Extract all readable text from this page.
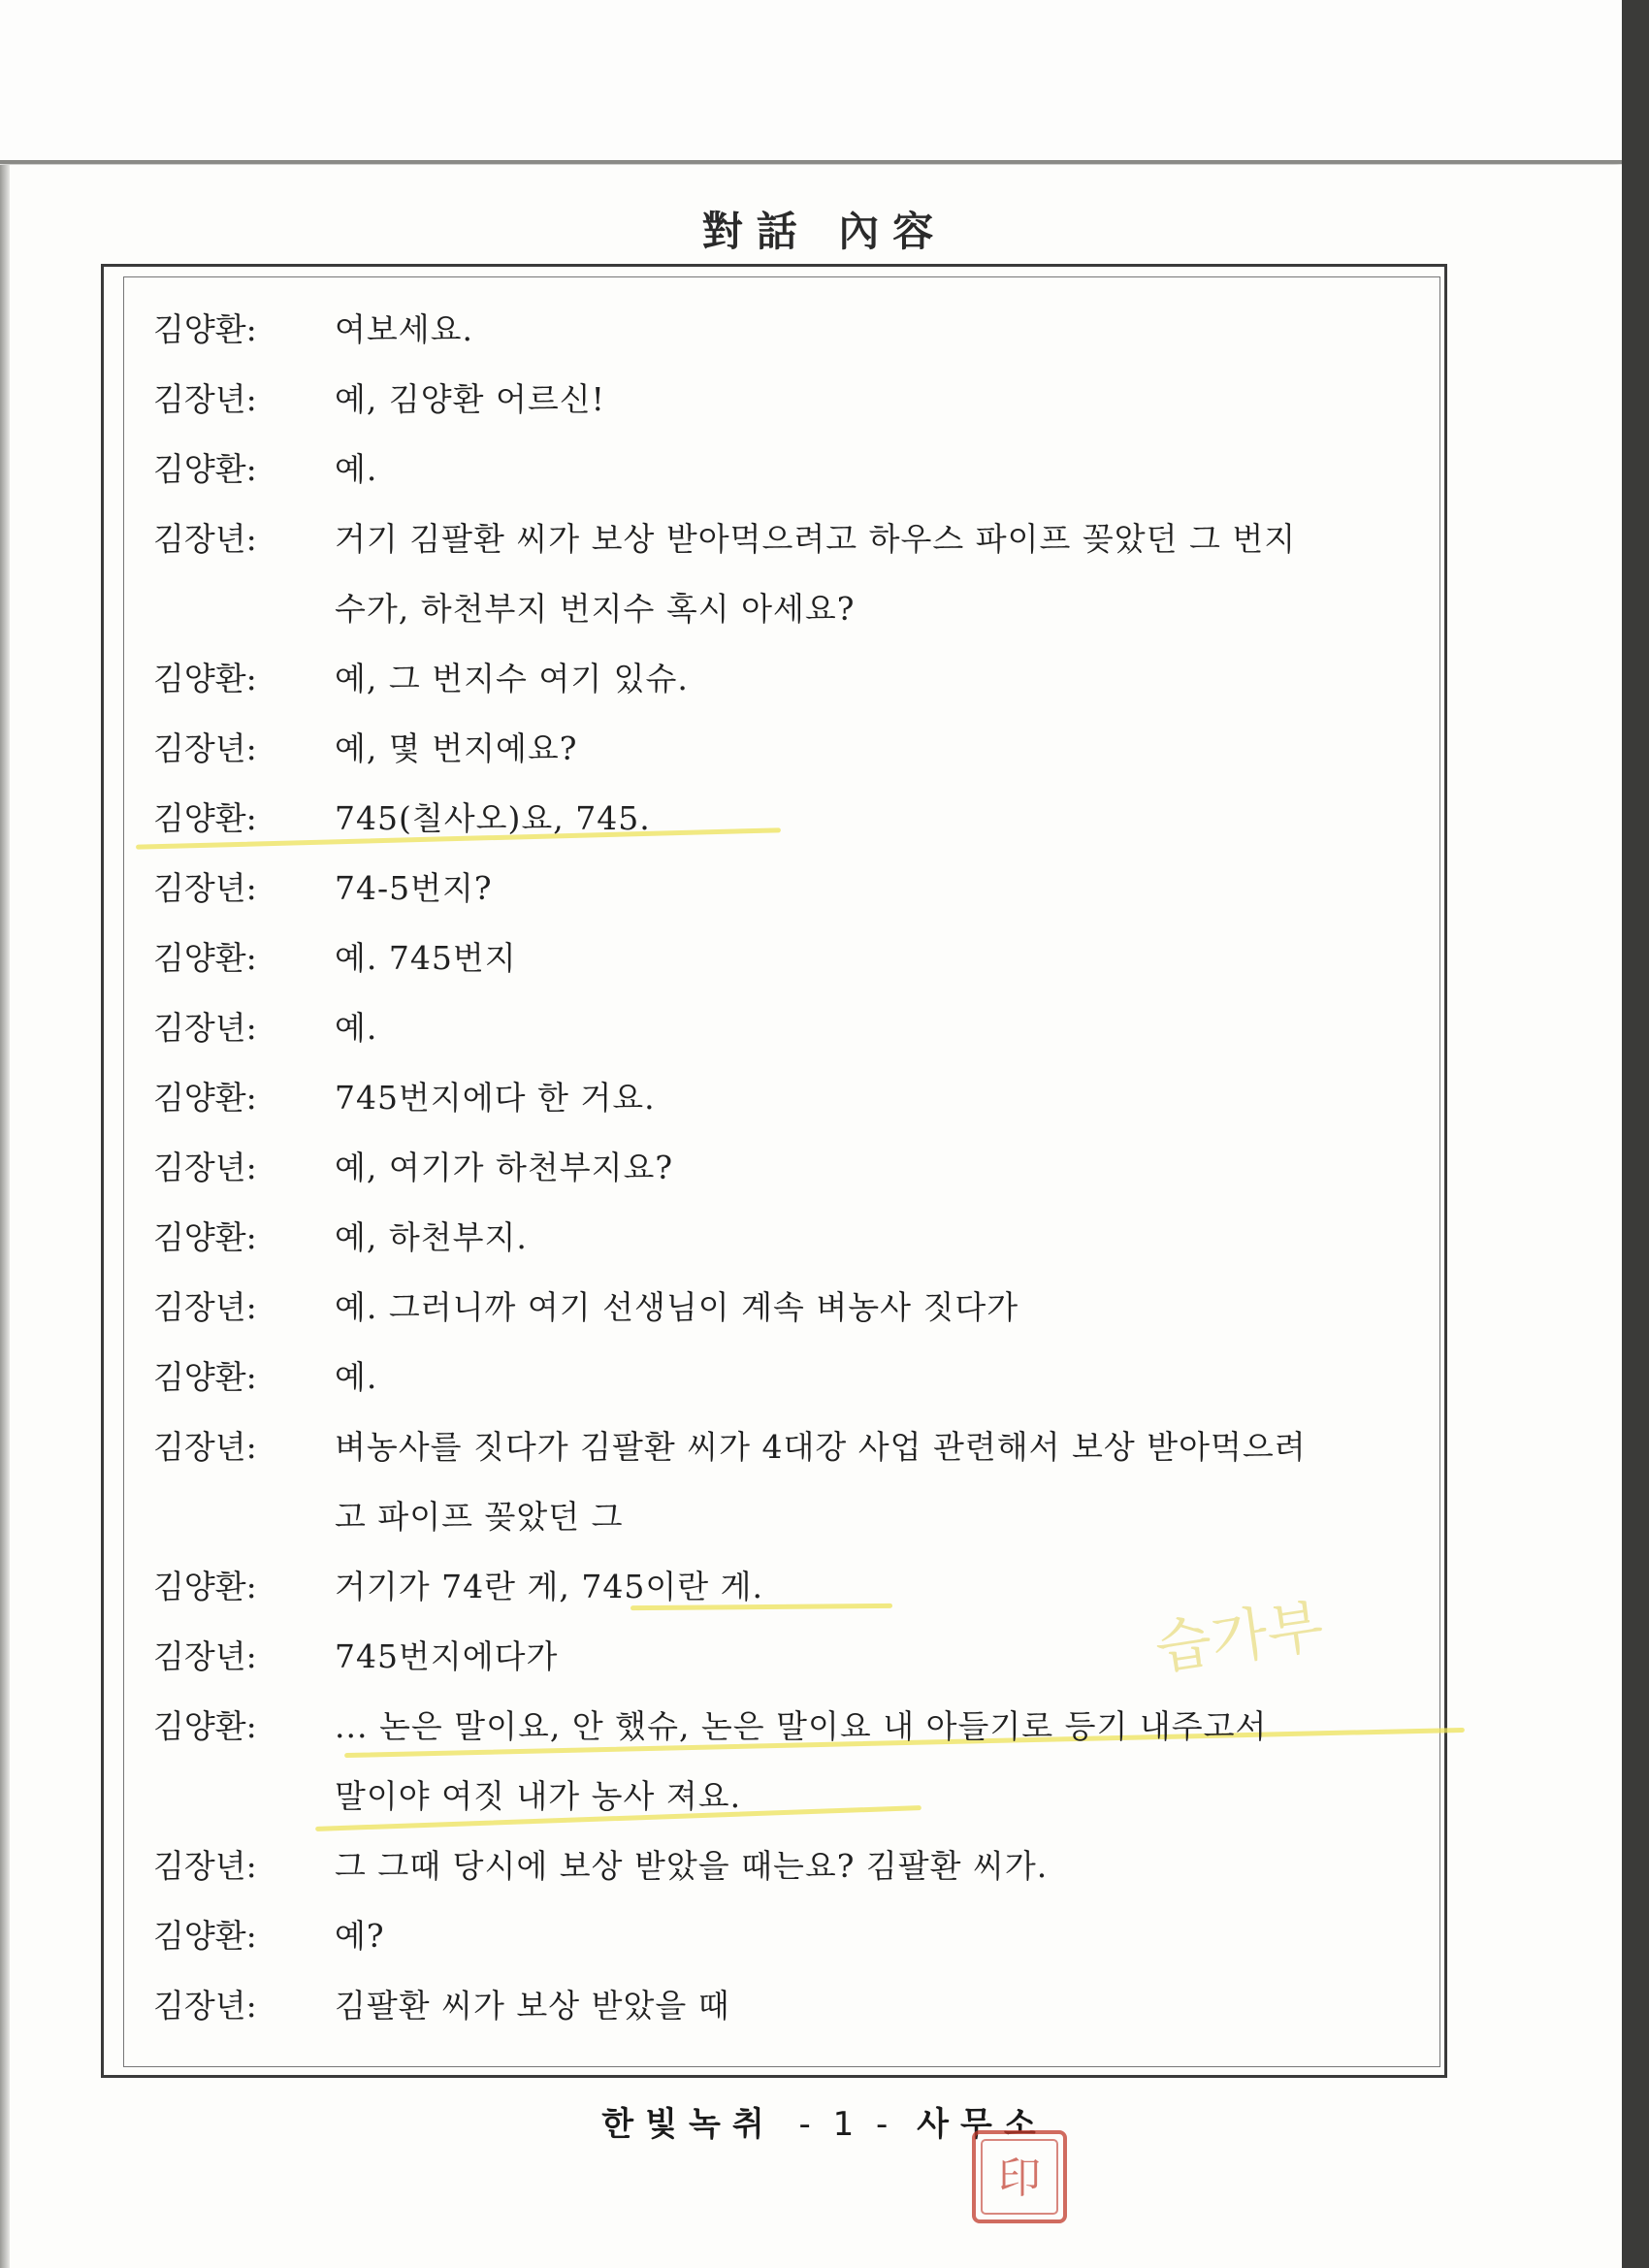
對話 內容
습가부
김양환: 여보세요.
김장년: 예, 김양환 어르신!
김양환: 예.
김장년: 거기 김팔환 씨가 보상 받아먹으려고 하우스 파이프 꽂았던 그 번지
수가, 하천부지 번지수 혹시 아세요?
김양환: 예, 그 번지수 여기 있슈.
김장년: 예, 몇 번지예요?
김양환: 745(칠사오)요, 745.
김장년: 74-5번지?
김양환: 예. 745번지
김장년: 예.
김양환: 745번지에다 한 거요.
김장년: 예, 여기가 하천부지요?
김양환: 예, 하천부지.
김장년: 예. 그러니까 여기 선생님이 계속 벼농사 짓다가
김양환: 예.
김장년: 벼농사를 짓다가 김팔환 씨가 4대강 사업 관련해서 보상 받아먹으려
고 파이프 꽂았던 그
김양환: 거기가 74란 게, 745이란 게.
김장년: 745번지에다가
김양환: ... 논은 말이요, 안 했슈, 논은 말이요 내 아들기로 등기 내주고서
말이야 여짓 내가 농사 져요.
김장년: 그 그때 당시에 보상 받았을 때는요? 김팔환 씨가.
김양환: 예?
김장년: 김팔환 씨가 보상 받았을 때
한빛녹취 - 1 - 사무소
印
